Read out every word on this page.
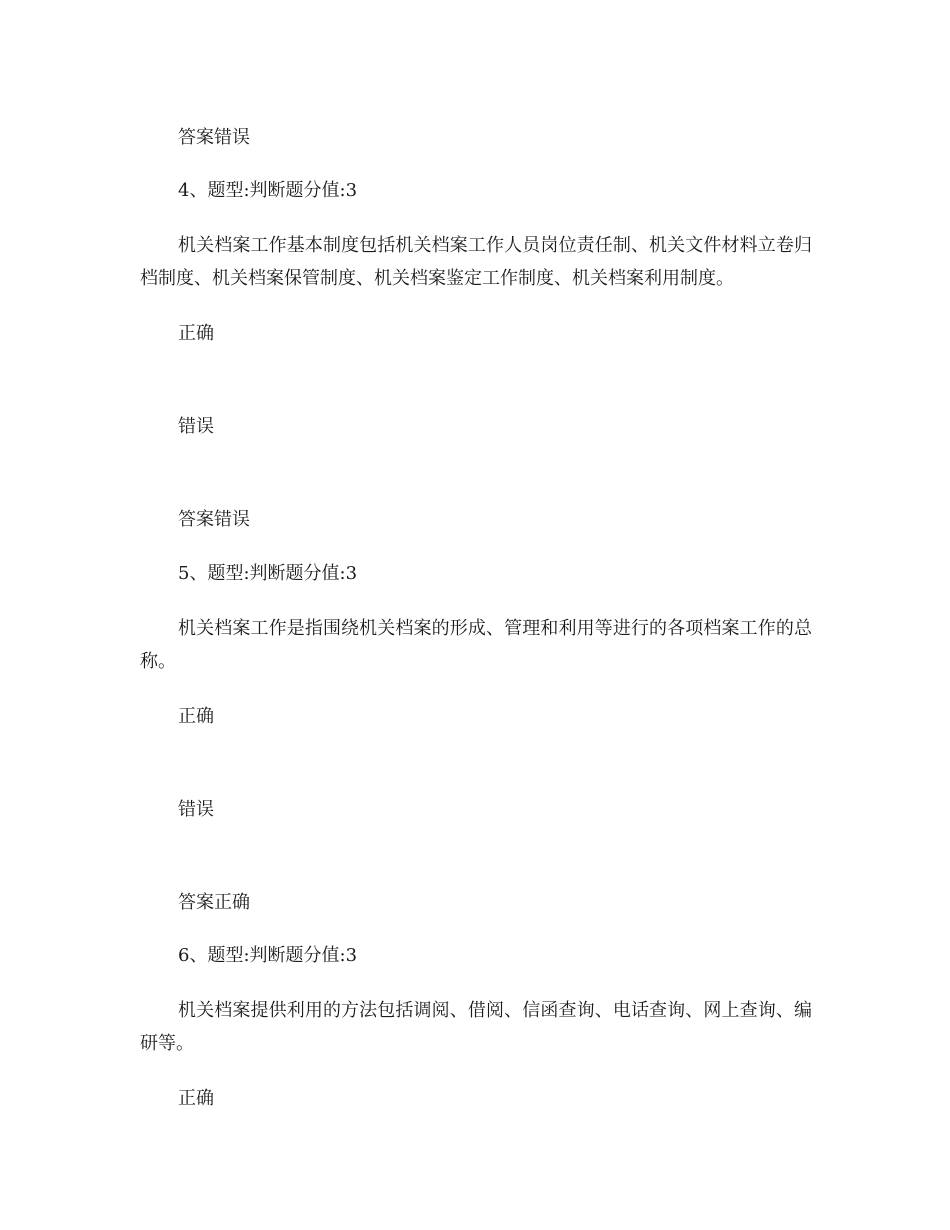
答案错误
4、题型:判断题分值:3
机关档案工作基本制度包括机关档案工作人员岗位责任制、机关文件材料立卷归档制度、机关档案保管制度、机关档案鉴定工作制度、机关档案利用制度。
正确
错误
答案错误
5、题型:判断题分值:3
机关档案工作是指围绕机关档案的形成、管理和利用等进行的各项档案工作的总称。
正确
错误
答案正确
6、题型:判断题分值:3
机关档案提供利用的方法包括调阅、借阅、信函查询、电话查询、网上查询、编研等。
正确
